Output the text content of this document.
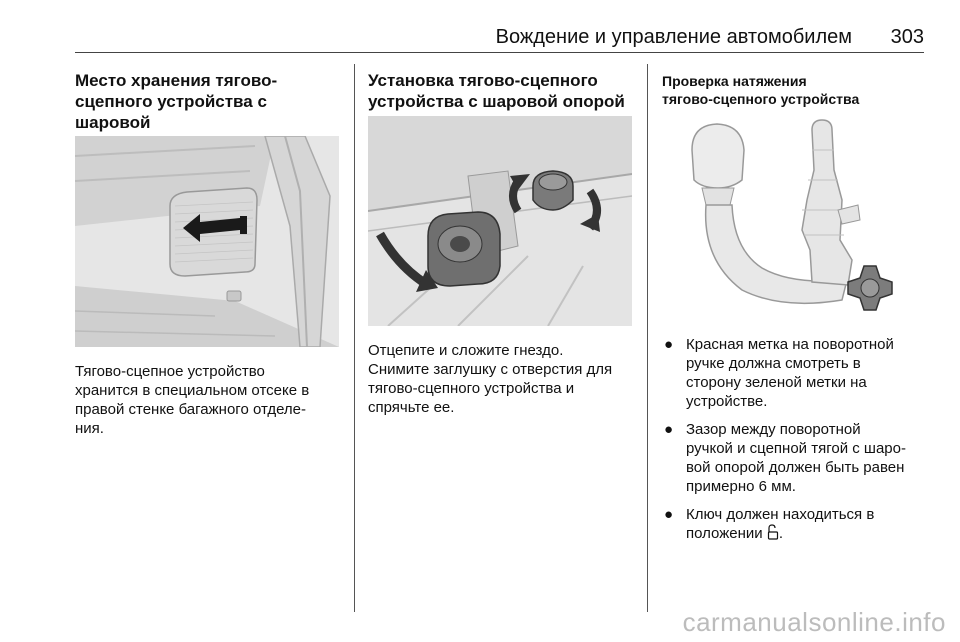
Вождение и управление автомобилем 303
Место хранения тягово-
сцепного устройства с шаровой
Тягово-сцепное устройство
хранится в специальном отсеке в
правой стенке багажного отделе-
ния.
Установка тягово-сцепного
устройства с шаровой опорой
Отцепите и сложите гнездо.
Снимите заглушку с отверстия для
тягово-сцепного устройства и
спрячьте ее.
Проверка натяжения
тягово-сцепного устройства
● Красная метка на поворотной
ручке должна смотреть в
сторону зеленой метки на
устройстве.
● Зазор между поворотной
ручкой и сцепной тягой с шаро-
вой опорой должен быть равен
примерно 6 мм.
● Ключ должен находиться в
положении .
carmanualsonline.info
